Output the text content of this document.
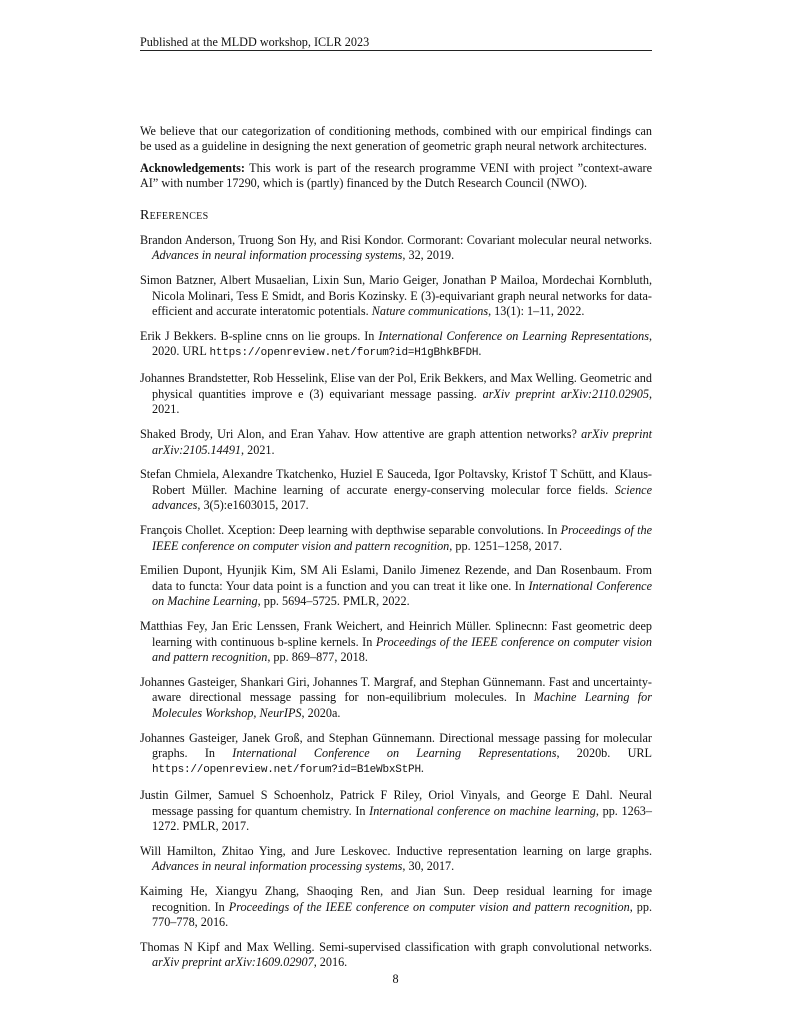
Published at the MLDD workshop, ICLR 2023

We believe that our categorization of conditioning methods, combined with our empirical findings can be used as a guideline in designing the next generation of geometric graph neural network architectures.

Acknowledgements: This work is part of the research programme VENI with project ”context-aware AI” with number 17290, which is (partly) financed by the Dutch Research Council (NWO).

References
Brandon Anderson, Truong Son Hy, and Risi Kondor. Cormorant: Covariant molecular neural networks. Advances in neural information processing systems, 32, 2019.
Simon Batzner, Albert Musaelian, Lixin Sun, Mario Geiger, Jonathan P Mailoa, Mordechai Kornbluth, Nicola Molinari, Tess E Smidt, and Boris Kozinsky. E (3)-equivariant graph neural networks for data-efficient and accurate interatomic potentials. Nature communications, 13(1): 1–11, 2022.
Erik J Bekkers. B-spline cnns on lie groups. In International Conference on Learning Representations, 2020. URL https://openreview.net/forum?id=H1gBhkBFDH.
Johannes Brandstetter, Rob Hesselink, Elise van der Pol, Erik Bekkers, and Max Welling. Geometric and physical quantities improve e (3) equivariant message passing. arXiv preprint arXiv:2110.02905, 2021.
Shaked Brody, Uri Alon, and Eran Yahav. How attentive are graph attention networks? arXiv preprint arXiv:2105.14491, 2021.
Stefan Chmiela, Alexandre Tkatchenko, Huziel E Sauceda, Igor Poltavsky, Kristof T Schütt, and Klaus-Robert Müller. Machine learning of accurate energy-conserving molecular force fields. Science advances, 3(5):e1603015, 2017.
François Chollet. Xception: Deep learning with depthwise separable convolutions. In Proceedings of the IEEE conference on computer vision and pattern recognition, pp. 1251–1258, 2017.
Emilien Dupont, Hyunjik Kim, SM Ali Eslami, Danilo Jimenez Rezende, and Dan Rosenbaum. From data to functa: Your data point is a function and you can treat it like one. In International Conference on Machine Learning, pp. 5694–5725. PMLR, 2022.
Matthias Fey, Jan Eric Lenssen, Frank Weichert, and Heinrich Müller. Splinecnn: Fast geometric deep learning with continuous b-spline kernels. In Proceedings of the IEEE conference on computer vision and pattern recognition, pp. 869–877, 2018.
Johannes Gasteiger, Shankari Giri, Johannes T. Margraf, and Stephan Günnemann. Fast and uncertainty-aware directional message passing for non-equilibrium molecules. In Machine Learning for Molecules Workshop, NeurIPS, 2020a.
Johannes Gasteiger, Janek Groß, and Stephan Günnemann. Directional message passing for molecular graphs. In International Conference on Learning Representations, 2020b. URL https://openreview.net/forum?id=B1eWbxStPH.
Justin Gilmer, Samuel S Schoenholz, Patrick F Riley, Oriol Vinyals, and George E Dahl. Neural message passing for quantum chemistry. In International conference on machine learning, pp. 1263–1272. PMLR, 2017.
Will Hamilton, Zhitao Ying, and Jure Leskovec. Inductive representation learning on large graphs. Advances in neural information processing systems, 30, 2017.
Kaiming He, Xiangyu Zhang, Shaoqing Ren, and Jian Sun. Deep residual learning for image recognition. In Proceedings of the IEEE conference on computer vision and pattern recognition, pp. 770–778, 2016.
Thomas N Kipf and Max Welling. Semi-supervised classification with graph convolutional networks. arXiv preprint arXiv:1609.02907, 2016.
8
